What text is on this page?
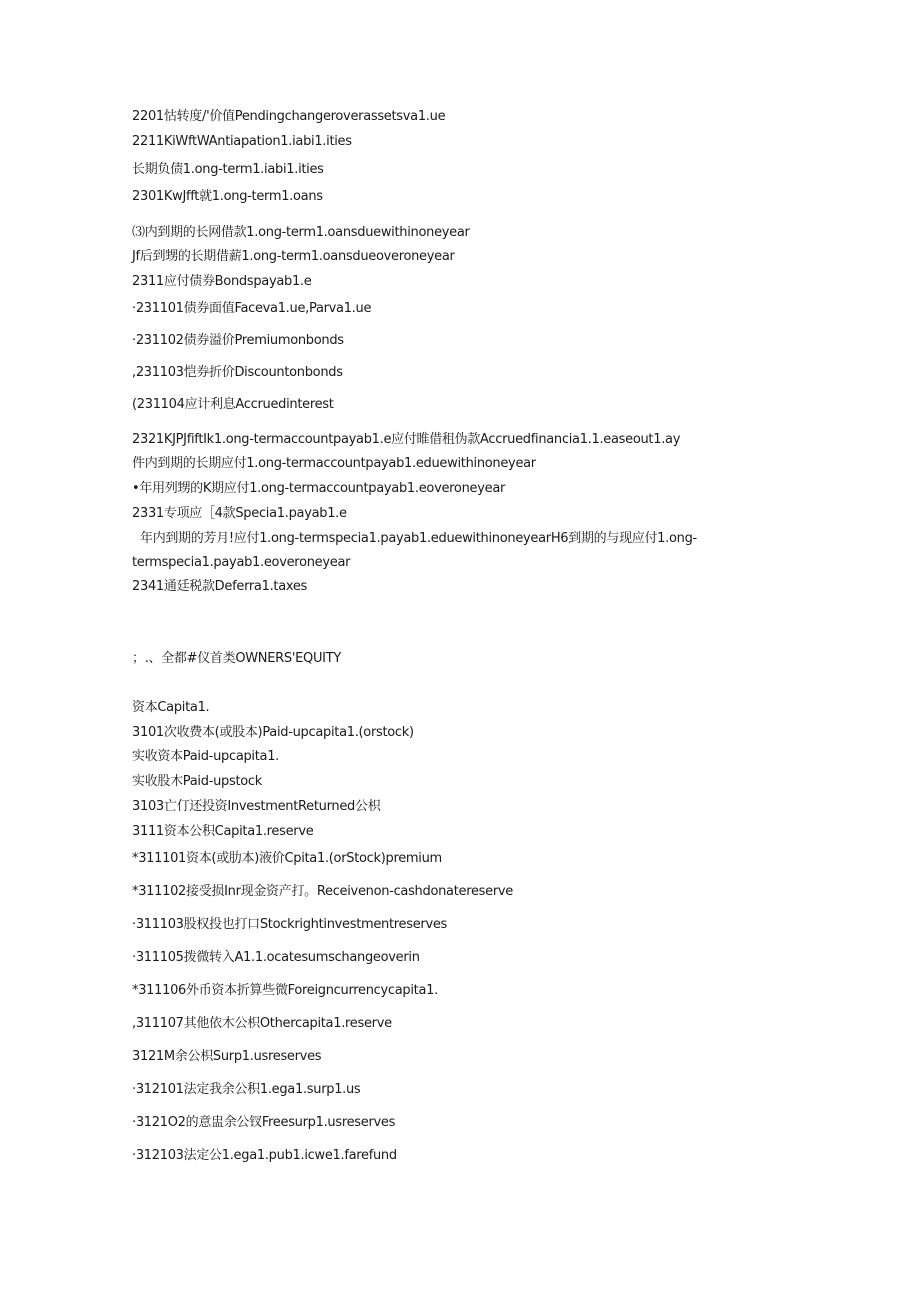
2201怙转度/'价值Pendingchangeroverassetsva1.ue
2211KiWftWAntiapation1.iabi1.ities
长期负债1.ong-term1.iabi1.ities
2301KwJfft就1.ong-term1.oans
⑶内到期的长网借款1.ong-term1.oansduewithinoneyear
Jf后到甥的长期借薪1.ong-term1.oansdueoveroneyear
2311应付债券Bondspayab1.e
·231101债券面值Faceva1.ue,Parva1.ue
·231102债券溢价Premiumonbonds
,231103恺券折价Discountonbonds
(231104应计利息Accruedinterest
2321KJPJfiftIk1.ong-termaccountpayab1.e应付睢借租伪款Accruedfinancia1.1.easeout1.ay
件内到期的长期应付1.ong-termaccountpayab1.eduewithinoneyear
•年用列甥的K期应付1.ong-termaccountpayab1.eoveroneyear
2331专项应［4款Specia1.payab1.e
年内到期的芳月!应付1.ong-termspecia1.payab1.eduewithinoneyearH6到期的与现应付1.ong-
termspecia1.payab1.eoveroneyear
2341通廷税款Deferra1.taxes
；.、全都#仪首类OWNERS'EQUITY
资本Capita1.
3101次收费本(或股本)Paid-upcapita1.(orstock)
实收资本Paid-upcapita1.
实收股木Paid-upstock
3103亡仃还投资InvestmentReturned公枳
3111资本公积Capita1.reserve
*311101资本(或肋本)液价Cpita1.(orStock)premium
*311102接受损Inr现金资产打。Receivenon-cashdonatereserve
·311103股权投也打口Stockrightinvestmentreserves
·311105拨微转入A1.1.ocatesumschangeoverin
*311106外币资本折算些微Foreigncurrencycapita1.
,311107其他依木公枳Othercapita1.reserve
3121M余公枳Surp1.usreserves
·312101法定我余公积1.ega1.surp1.us
·3121O2的意盅余公钗Freesurp1.usreserves
·312103法定公1.ega1.pub1.icwe1.farefund
